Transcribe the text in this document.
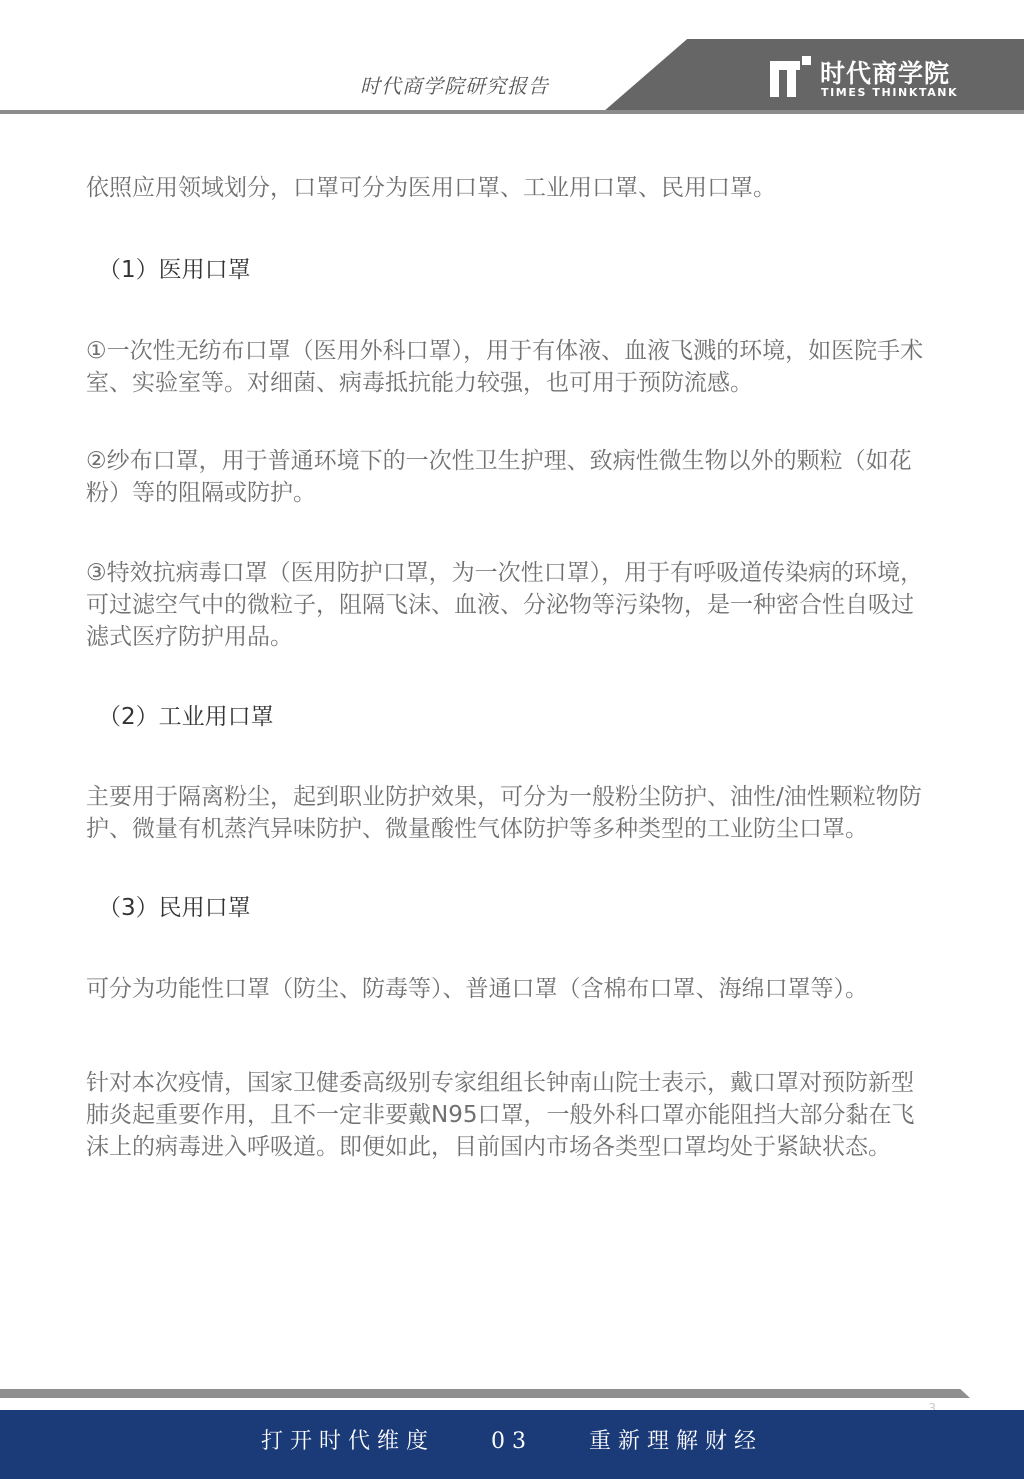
时代商学院研究报告	时代商学院
TIMES THINKTANK

依照应用领域划分，口罩可分为医用口罩、工业用口罩、民用口罩。

（1）医用口罩

①一次性无纺布口罩（医用外科口罩），用于有体液、血液飞溅的环境，如医院手术室、实验室等。对细菌、病毒抵抗能力较强，也可用于预防流感。

②纱布口罩，用于普通环境下的一次性卫生护理、致病性微生物以外的颗粒（如花粉）等的阻隔或防护。

③特效抗病毒口罩（医用防护口罩，为一次性口罩），用于有呼吸道传染病的环境，可过滤空气中的微粒子，阻隔飞沫、血液、分泌物等污染物，是一种密合性自吸过滤式医疗防护用品。

（2）工业用口罩

主要用于隔离粉尘，起到职业防护效果，可分为一般粉尘防护、油性/油性颗粒物防护、微量有机蒸汽异味防护、微量酸性气体防护等多种类型的工业防尘口罩。

（3）民用口罩

可分为功能性口罩（防尘、防毒等）、普通口罩（含棉布口罩、海绵口罩等）。

针对本次疫情，国家卫健委高级别专家组组长钟南山院士表示，戴口罩对预防新型肺炎起重要作用，且不一定非要戴N95口罩，一般外科口罩亦能阻挡大部分黏在飞沫上的病毒进入呼吸道。即便如此，目前国内市场各类型口罩均处于紧缺状态。

打开时代维度    03    重新理解财经
